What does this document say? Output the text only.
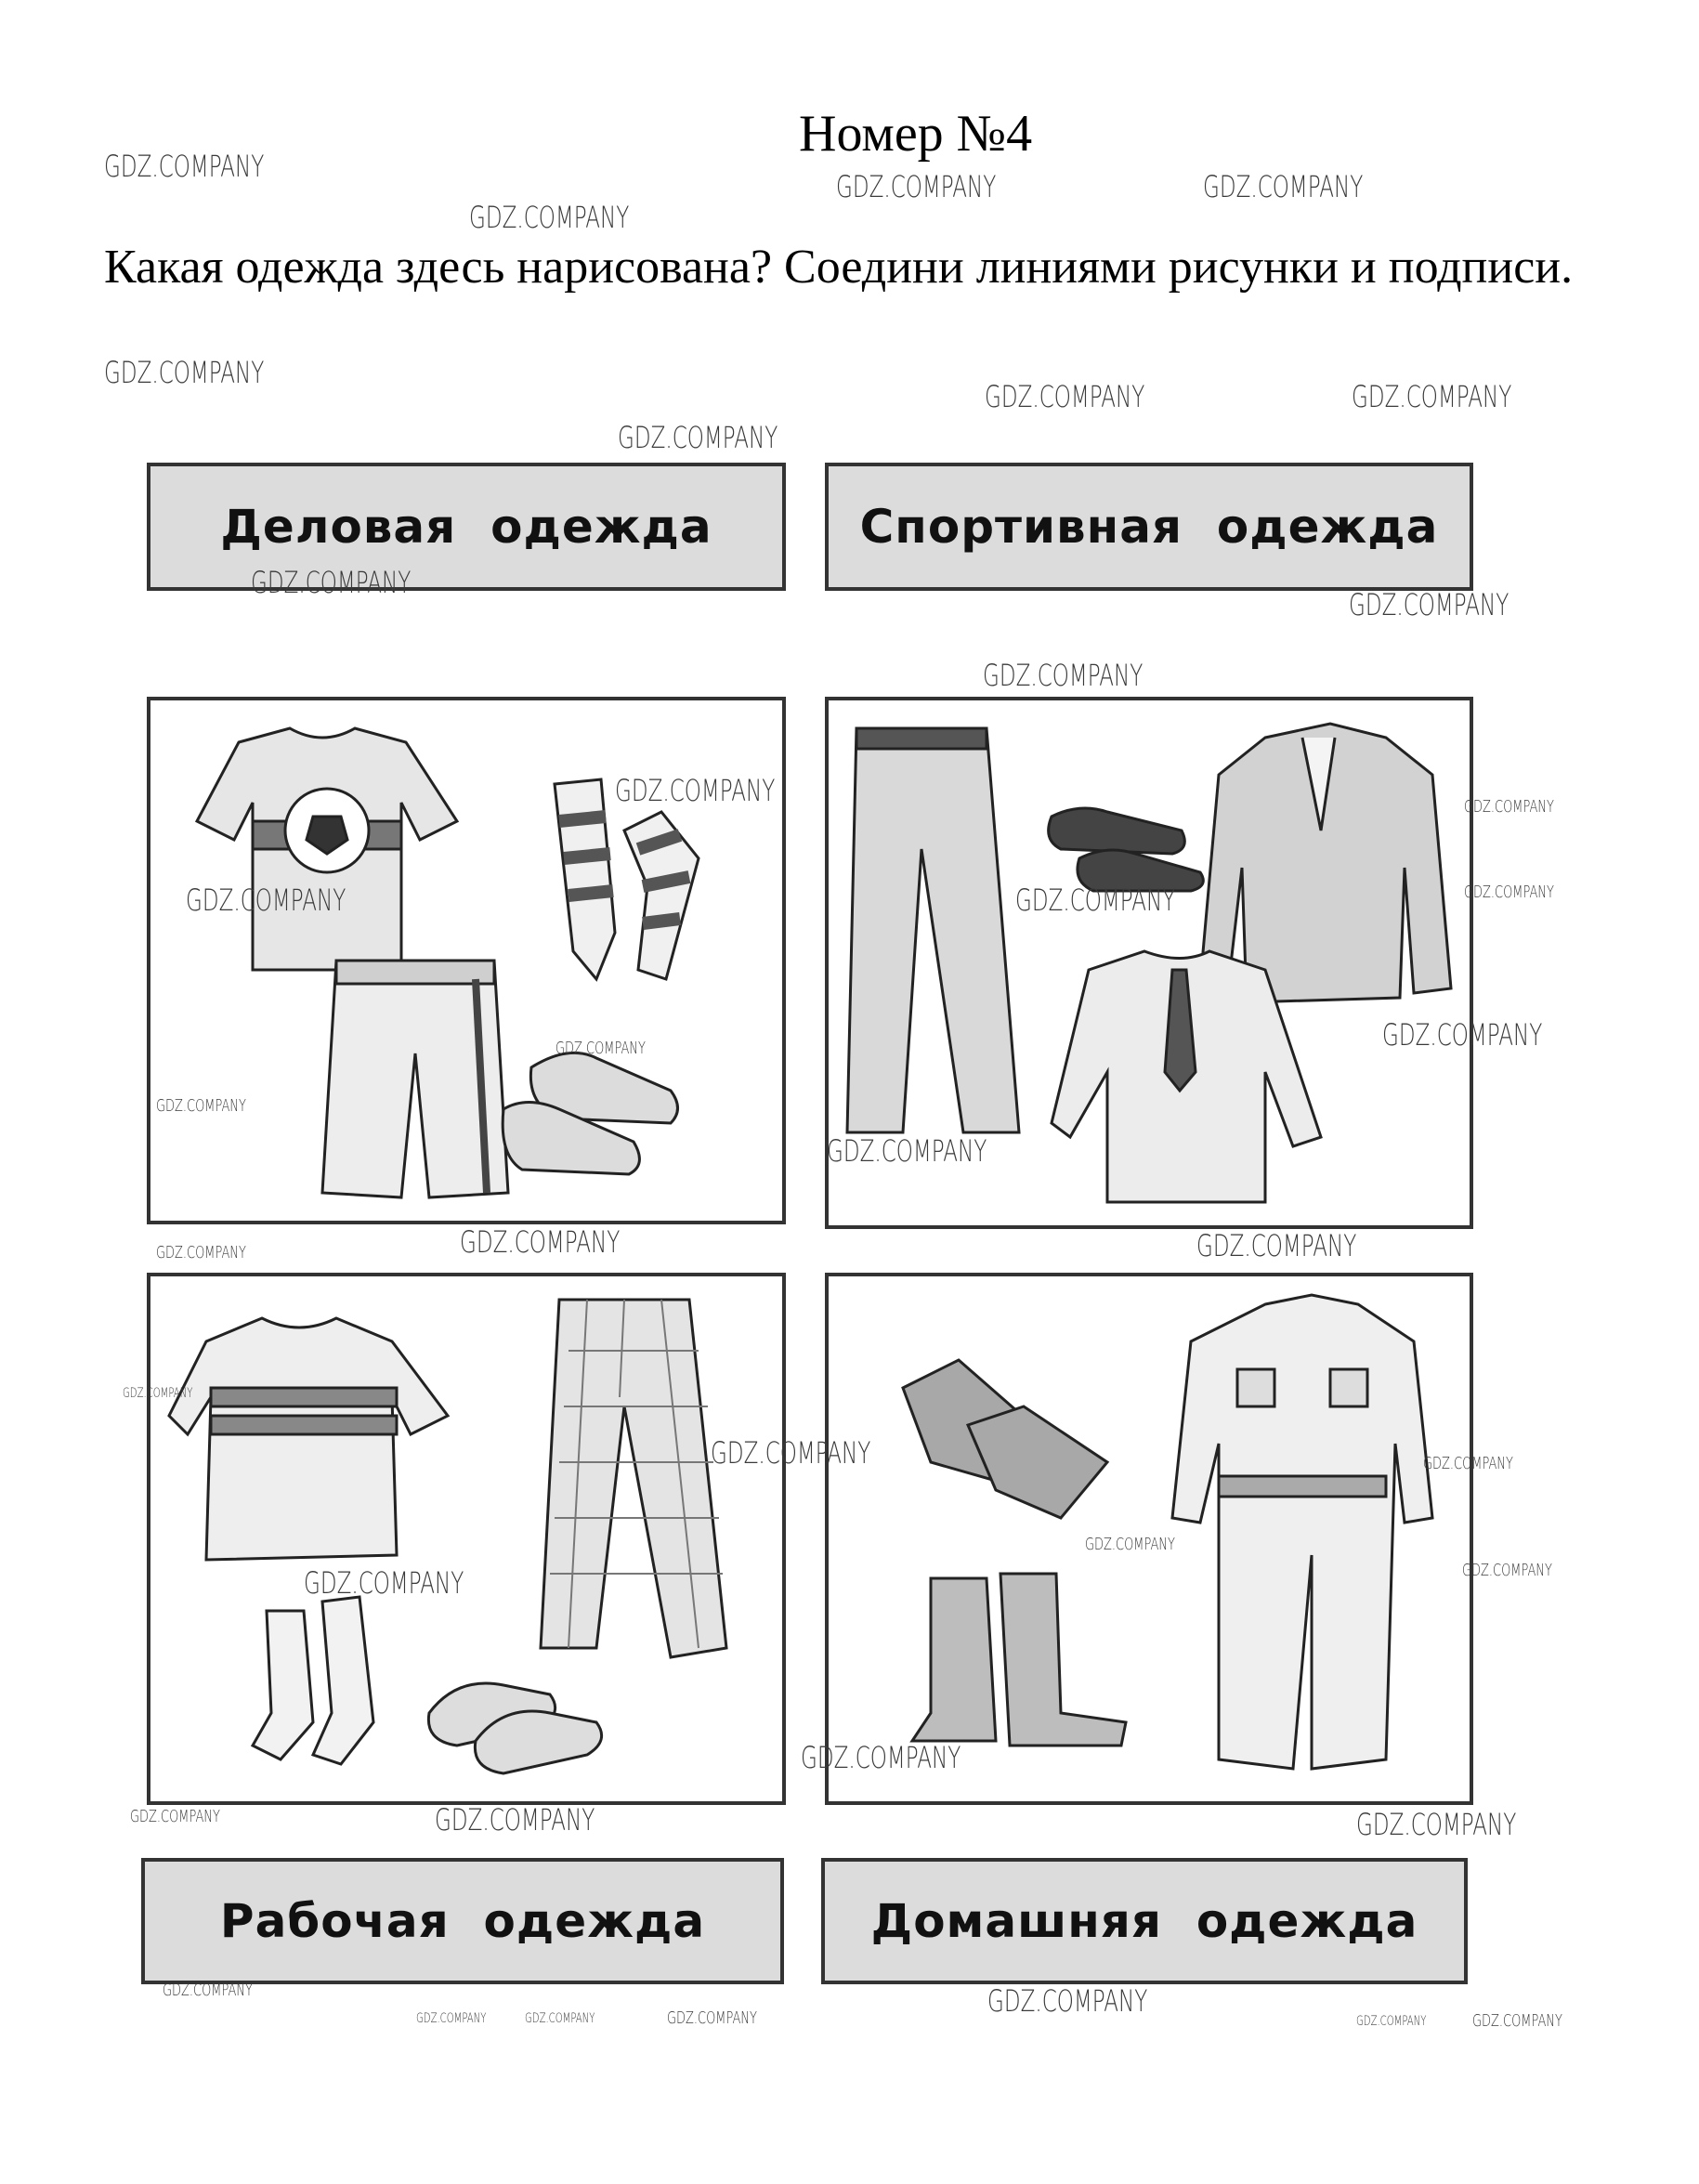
Номер №4
Какая одежда здесь нарисована? Соедини линиями рисунки и подписи.
Деловая  одежда	Спортивная  одежда
Рабочая  одежда	Домашняя  одежда
GDZ.COMPANY
GDZ.COMPANY
GDZ.COMPANY	GDZ.COMPANY
GDZ.COMPANY
GDZ.COMPANY
GDZ.COMPANY	GDZ.COMPANY
GDZ.COMPANY
GDZ.COMPANY
GDZ.COMPANY
GDZ.COMPANY
GDZ.COMPANY	GDZ.COMPANY
GDZ.COMPANY
GDZ.COMPANY
GDZ.COMPANY
GDZ.COMPANY
GDZ.COMPANY
GDZ.COMPANY
GDZ.COMPANY	GDZ.COMPANY	GDZ.COMPANY
GDZ.COMPANY
GDZ.COMPANY	GDZ.COMPANY
GDZ.COMPANY
GDZ.COMPANY
GDZ.COMPANY
GDZ.COMPANY
GDZ.COMPANY	GDZ.COMPANY	GDZ.COMPANY
GDZ.COMPANY
GDZ.COMPANY	GDZ.COMPANY	GDZ.COMPANY	GDZ.COMPANY
GDZ.COMPANY	GDZ.COMPANY
